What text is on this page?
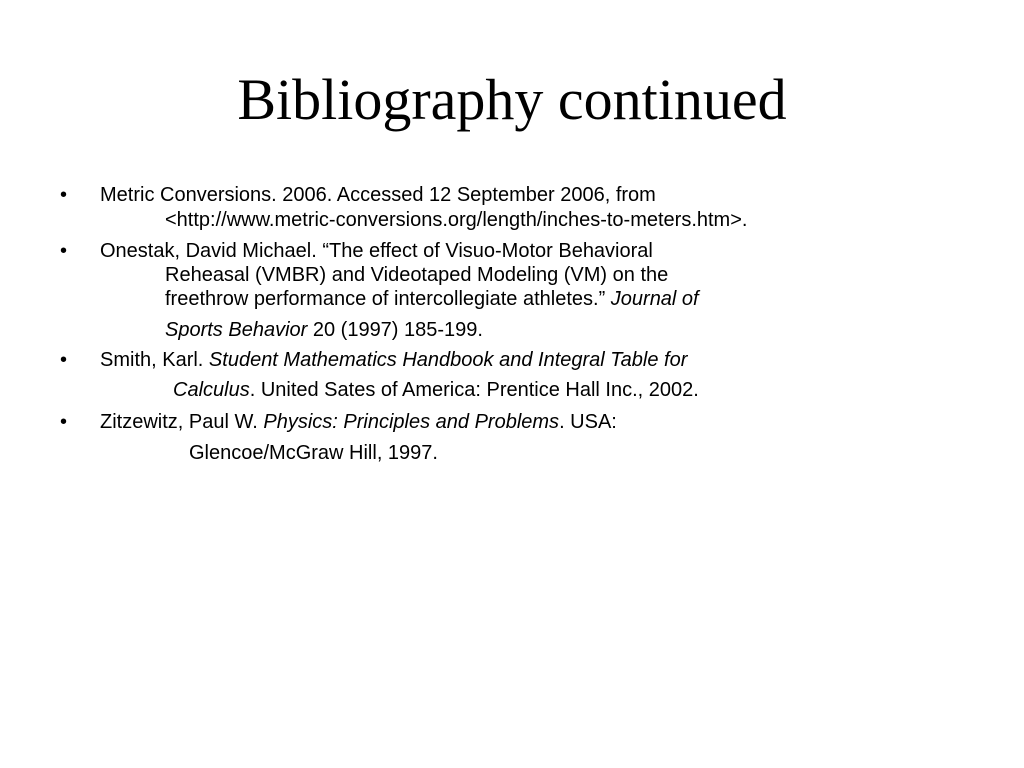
Bibliography continued
• Metric Conversions. 2006. Accessed 12 September 2006, from
<http://www.metric-conversions.org/length/inches-to-meters.htm>.
• Onestak, David Michael. “The effect of Visuo-Motor Behavioral
Reheasal (VMBR) and Videotaped Modeling (VM) on the
freethrow performance of intercollegiate athletes.” Journal of
Sports Behavior 20 (1997) 185-199.
• Smith, Karl. Student Mathematics Handbook and Integral Table for
Calculus. United Sates of America: Prentice Hall Inc., 2002.
• Zitzewitz, Paul W. Physics: Principles and Problems. USA:
Glencoe/McGraw Hill, 1997.
